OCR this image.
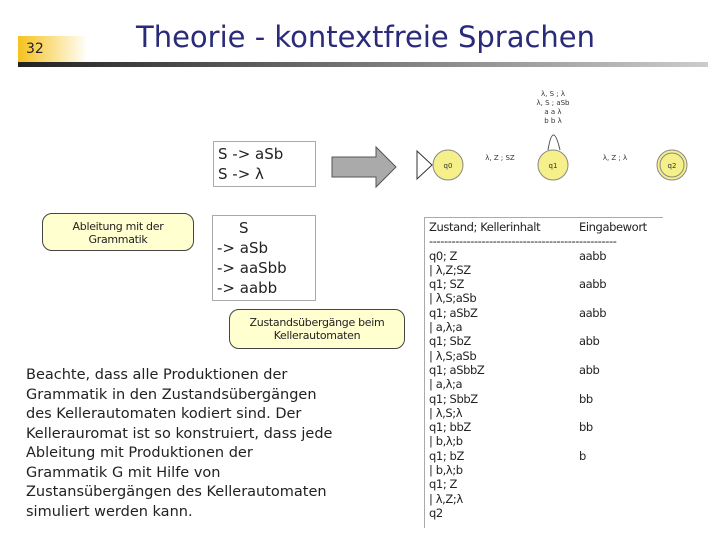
32	Theorie - kontextfreie Sprachen
S -> aSb
S -> λ
S
-> aSb
-> aaSbb
-> aabb
Ableitung mit der
Grammatik
Zustandsübergänge beim
Kellerautomaten
Beachte, dass alle Produktionen der Grammatik in den Zustandsübergängen des Kellerautomaten kodiert sind. Der Kellerauromat ist so konstruiert, dass jede Ableitung mit Produktionen der Grammatik G mit Hilfe von Zustansübergängen des Kellerautomaten simuliert werden kann.
q0	q1	q2
λ, Z ; SZ	λ, Z ; λ
λ, S ; λ
λ, S ; aSb
a a λ
b b λ
Zustand; Kellerinhalt	Eingabewort
--------------------------------------------------
q0; Z	aabb
| λ,Z;SZ
q1; SZ	aabb
| λ,S;aSb
q1; aSbZ	aabb
| a,λ;a
q1; SbZ	abb
| λ,S;aSb
q1; aSbbZ	abb
| a,λ;a
q1; SbbZ	bb
| λ,S;λ
q1; bbZ	bb
| b,λ;b
q1; bZ	b
| b,λ;b
q1; Z
| λ,Z;λ
q2
